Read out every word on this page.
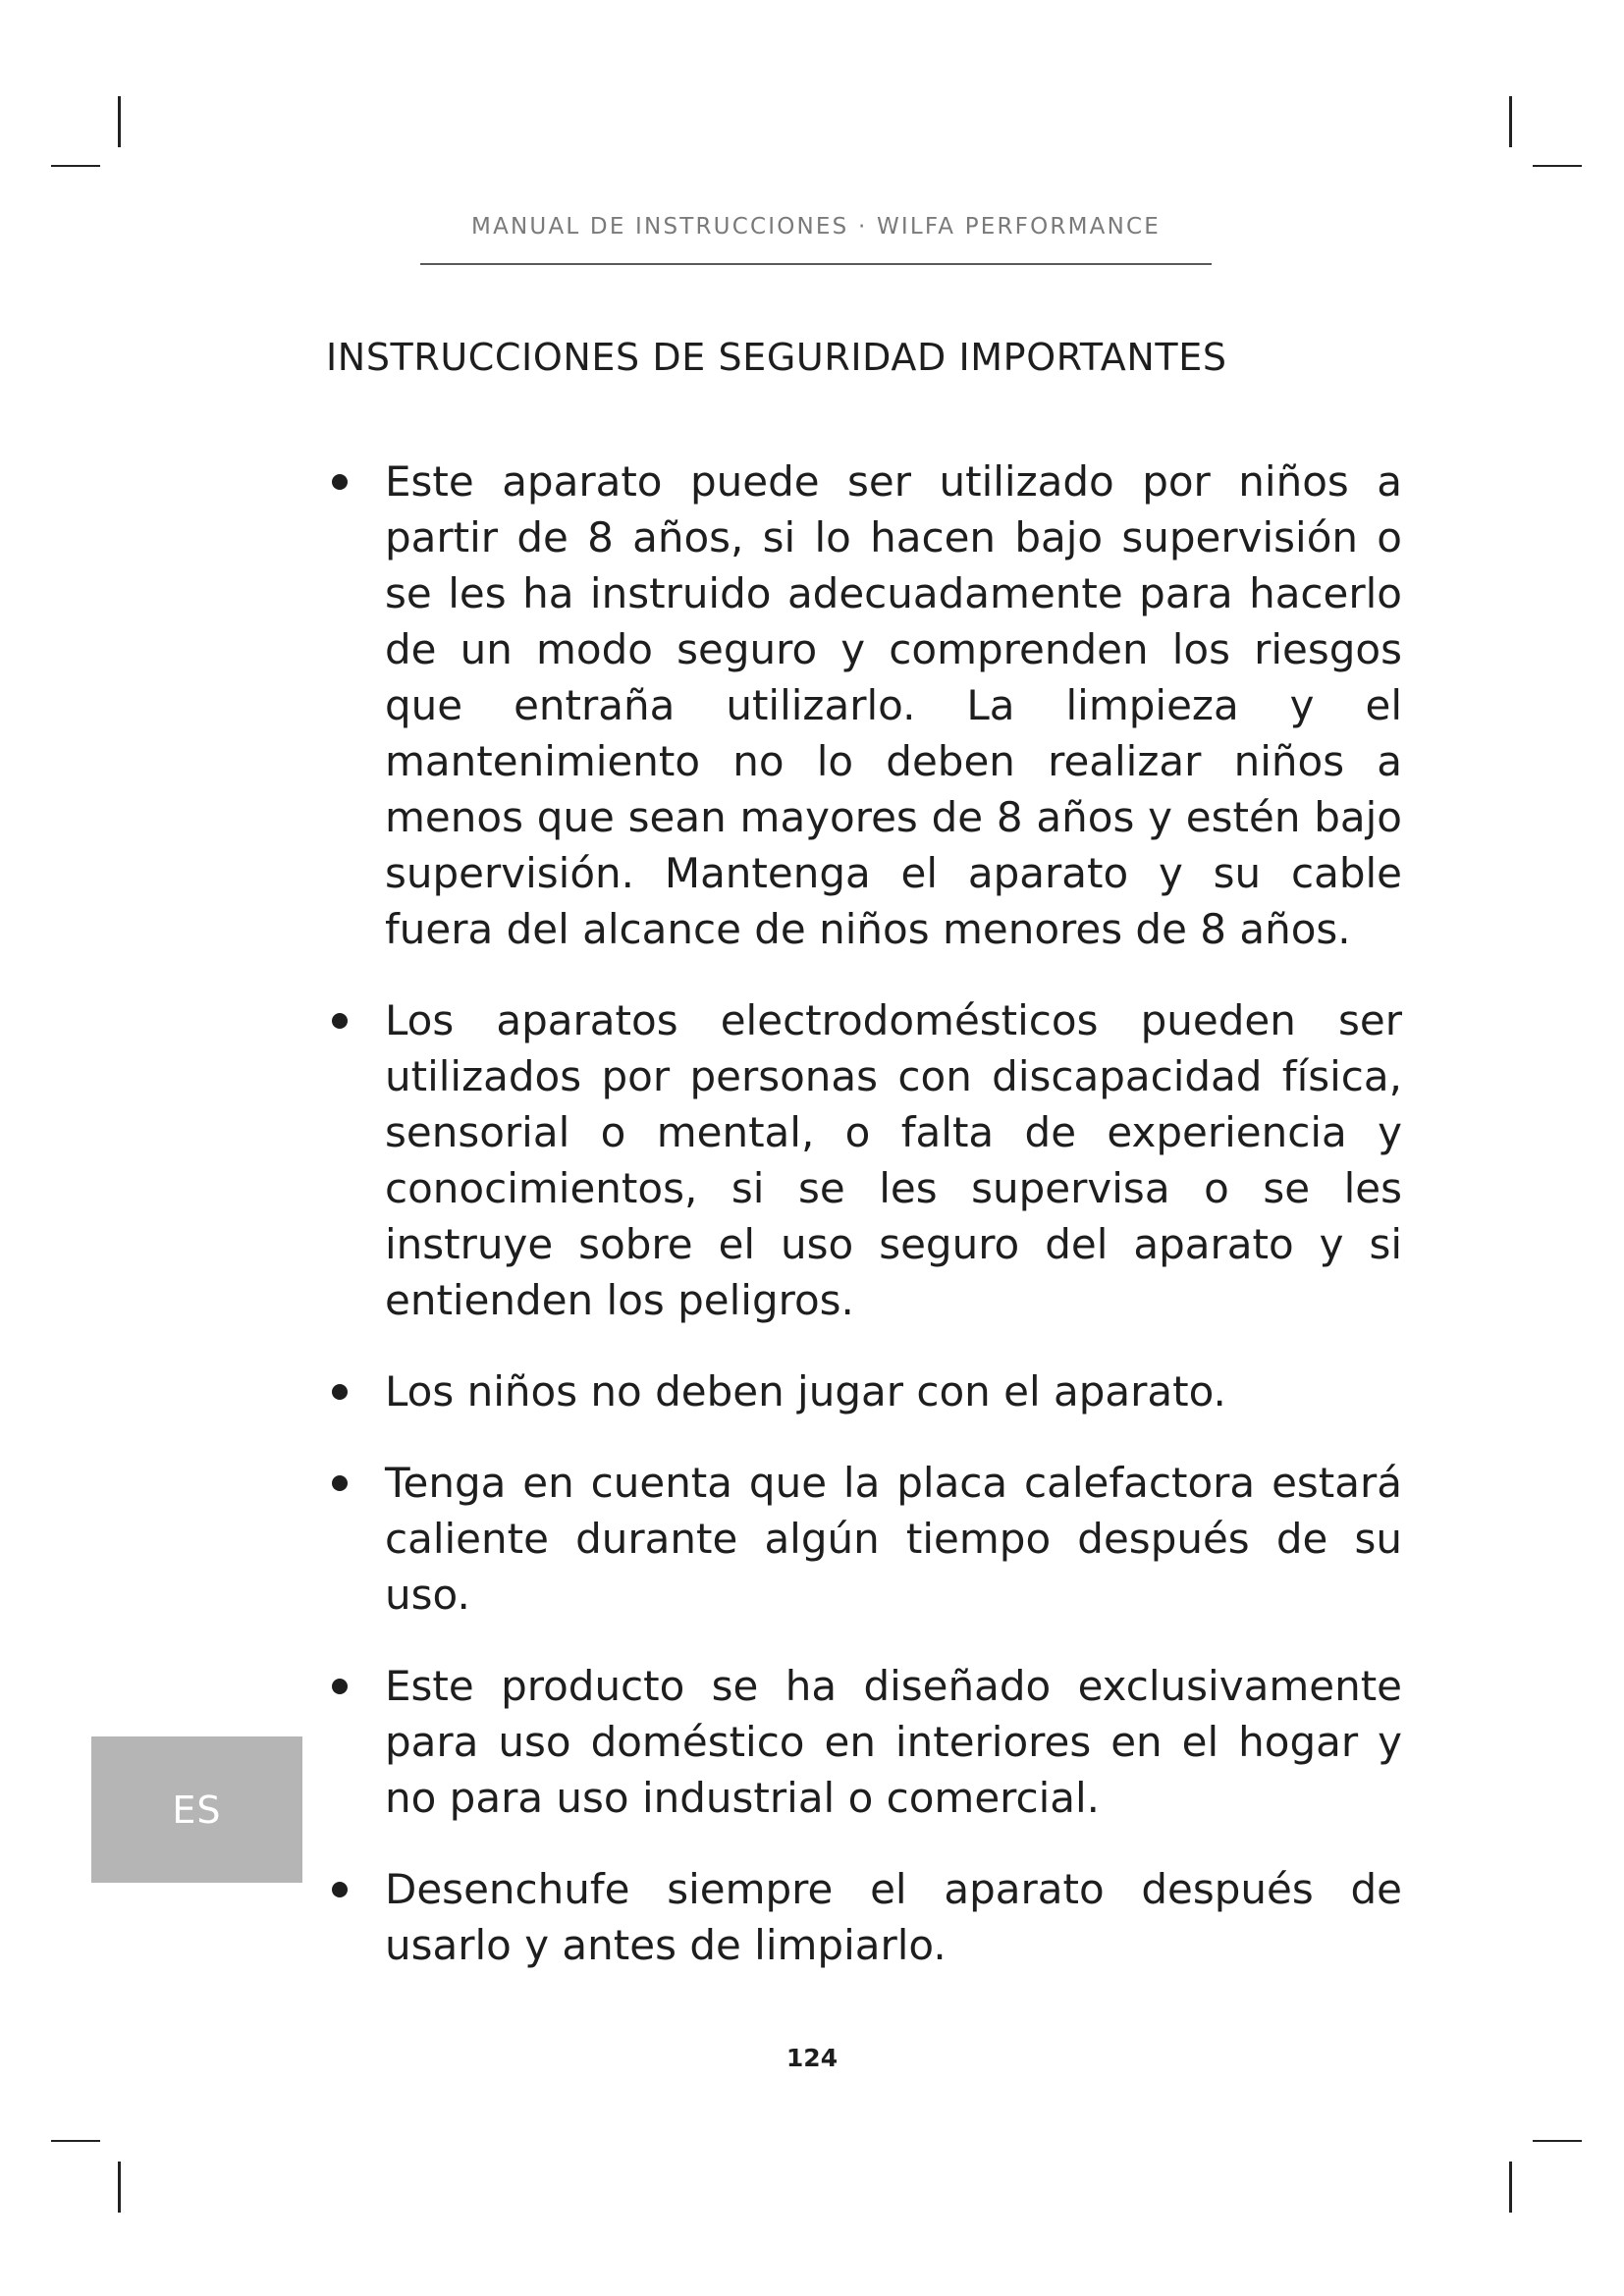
MANUAL DE INSTRUCCIONES · WILFA PERFORMANCE
INSTRUCCIONES DE SEGURIDAD IMPORTANTES
Este aparato puede ser utilizado por niños a partir de 8 años, si lo hacen bajo supervisión o se les ha instruido adecuadamente para hacerlo de un modo seguro y comprenden los riesgos que entraña utilizarlo. La limpieza y el mantenimiento no lo deben realizar niños a menos que sean mayores de 8 años y estén bajo supervisión. Mantenga el aparato y su cable fuera del alcance de niños menores de 8 años.
Los aparatos electrodomésticos pueden ser utilizados por personas con discapacidad física, sensorial o mental, o falta de experiencia y conocimientos, si se les supervisa o se les instruye sobre el uso seguro del aparato y si entienden los peligros.
Los niños no deben jugar con el aparato.
Tenga en cuenta que la placa calefactora estará caliente durante algún tiempo después de su uso.
Este producto se ha diseñado exclusivamente para uso doméstico en interiores en el hogar y no para uso industrial o comercial.
Desenchufe siempre el aparato después de usarlo y antes de limpiarlo.
ES
124
